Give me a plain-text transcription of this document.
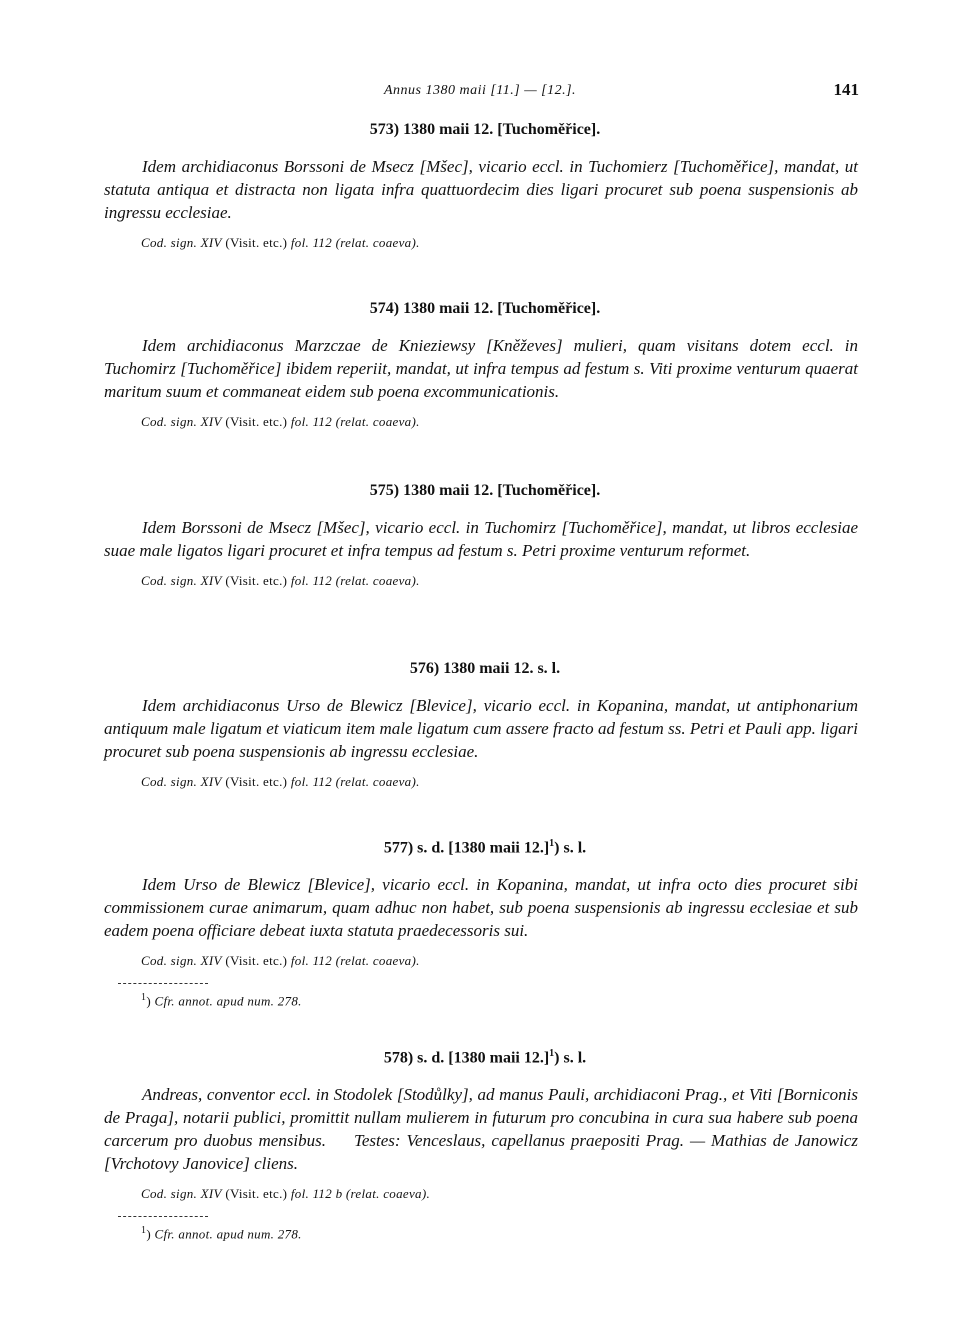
Annus 1380 maii [11.] — [12.].	141

573) 1380 maii 12. [Tuchoměřice].

Idem archidiaconus Borssoni de Msecz [Mšec], vicario eccl. in Tuchomierz [Tuchoměřice], mandat, ut statuta antiqua et distracta non ligata infra quattuordecim dies ligari procuret sub poena suspensionis ab ingressu ecclesiae.

Cod. sign. XIV (Visit. etc.) fol. 112 (relat. coaeva).

574) 1380 maii 12. [Tuchoměřice].

Idem archidiaconus Marzczae de Knieziewsy [Kněževes] mulieri, quam visitans dotem eccl. in Tuchomirz [Tuchoměřice] ibidem reperiit, mandat, ut infra tempus ad festum s. Viti proxime venturum quaerat maritum suum et commaneat eidem sub poena excommunicationis.

Cod. sign. XIV (Visit. etc.) fol. 112 (relat. coaeva).

575) 1380 maii 12. [Tuchoměřice].

Idem Borssoni de Msecz [Mšec], vicario eccl. in Tuchomirz [Tuchoměřice], mandat, ut libros ecclesiae suae male ligatos ligari procuret et infra tempus ad festum s. Petri proxime venturum reformet.

Cod. sign. XIV (Visit. etc.) fol. 112 (relat. coaeva).

576) 1380 maii 12. s. l.

Idem archidiaconus Urso de Blewicz [Blevice], vicario eccl. in Kopanina, mandat, ut antiphonarium antiquum male ligatum et viaticum item male ligatum cum assere fracto ad festum ss. Petri et Pauli app. ligari procuret sub poena suspensionis ab ingressu ecclesiae.

Cod. sign. XIV (Visit. etc.) fol. 112 (relat. coaeva).

577) s. d. [1380 maii 12.]$^1$) s. l.

Idem Urso de Blewicz [Blevice], vicario eccl. in Kopanina, mandat, ut infra octo dies procuret sibi commissionem curae animarum, quam adhuc non habet, sub poena suspensionis ab ingressu ecclesiae et sub eadem poena officiare debeat iuxta statuta praedecessoris sui.

Cod. sign. XIV (Visit. etc.) fol. 112 (relat. coaeva).
$^1$) Cfr. annot. apud num. 278.

578) s. d. [1380 maii 12.]$^1$) s. l.

Andreas, conventor eccl. in Stodolek [Stodůlky], ad manus Pauli, archidiaconi Prag., et Viti [Borniconis de Praga], notarii publici, promittit nullam mulierem in futurum pro concubina in cura sua habere sub poena carcerum pro duobus mensibus. Testes: Venceslaus, capellanus praepositi Prag. — Mathias de Janowicz [Vrchotovy Janovice] cliens.

Cod. sign. XIV (Visit. etc.) fol. 112 b (relat. coaeva).
$^1$) Cfr. annot. apud num. 278.
